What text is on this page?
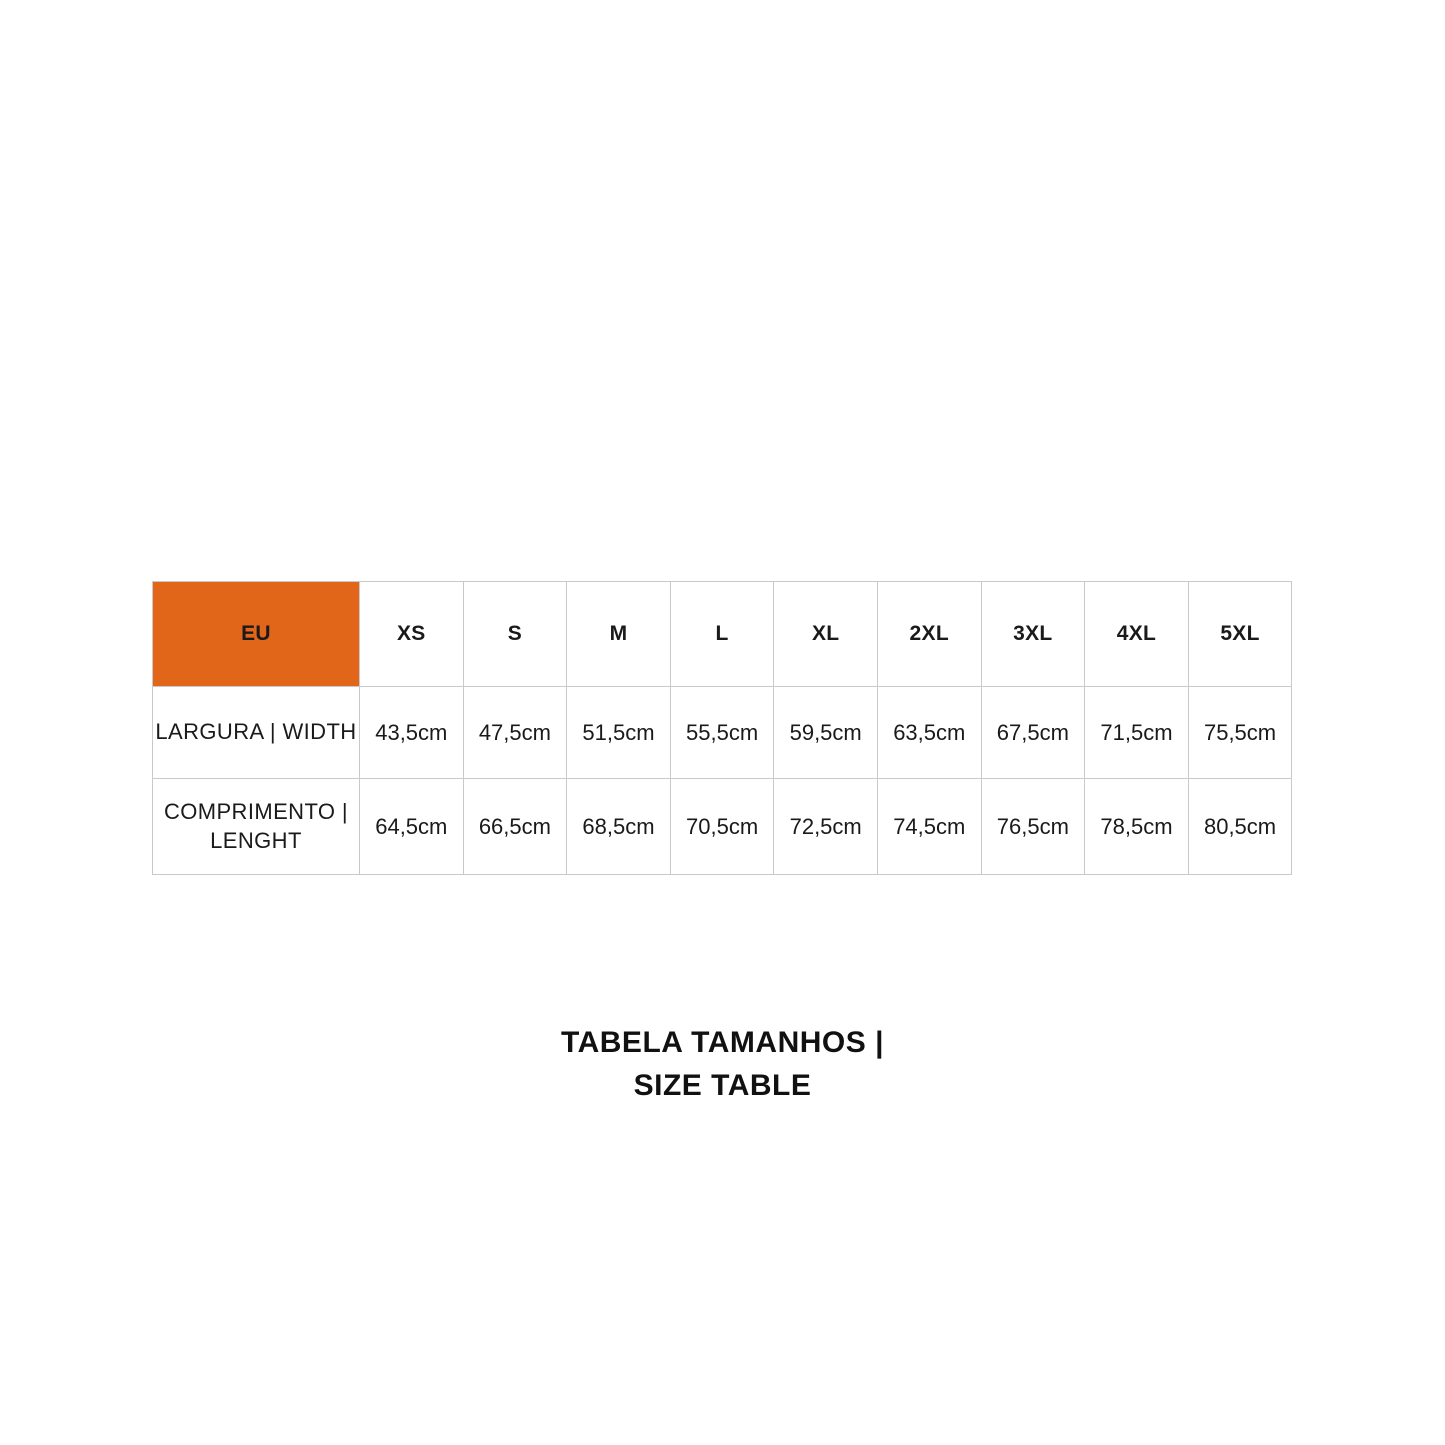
EU	XS	S	M	L	XL	2XL	3XL	4XL	5XL
LARGURA | WIDTH	43,5cm	47,5cm	51,5cm	55,5cm	59,5cm	63,5cm	67,5cm	71,5cm	75,5cm
COMPRIMENTO | LENGHT	64,5cm	66,5cm	68,5cm	70,5cm	72,5cm	74,5cm	76,5cm	78,5cm	80,5cm
TABELA TAMANHOS |
SIZE TABLE
